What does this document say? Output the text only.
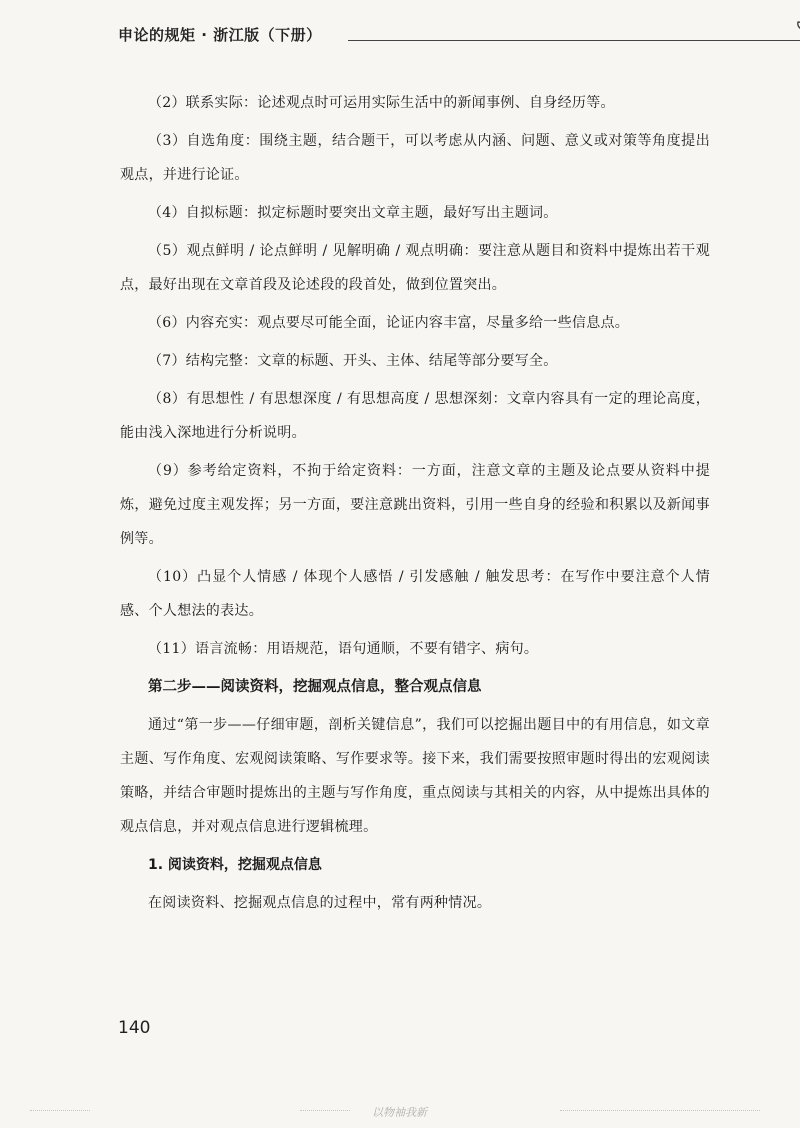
申论的规矩 · 浙江版（下册）

（2）联系实际：论述观点时可运用实际生活中的新闻事例、自身经历等。

（3）自选角度：围绕主题，结合题干，可以考虑从内涵、问题、意义或对策等角度提出观点，并进行论证。

（4）自拟标题：拟定标题时要突出文章主题，最好写出主题词。

（5）观点鲜明 / 论点鲜明 / 见解明确 / 观点明确：要注意从题目和资料中提炼出若干观点，最好出现在文章首段及论述段的段首处，做到位置突出。

（6）内容充实：观点要尽可能全面，论证内容丰富，尽量多给一些信息点。

（7）结构完整：文章的标题、开头、主体、结尾等部分要写全。

（8）有思想性 / 有思想深度 / 有思想高度 / 思想深刻：文章内容具有一定的理论高度，能由浅入深地进行分析说明。

（9）参考给定资料，不拘于给定资料：一方面，注意文章的主题及论点要从资料中提炼，避免过度主观发挥；另一方面，要注意跳出资料，引用一些自身的经验和积累以及新闻事例等。

（10）凸显个人情感 / 体现个人感悟 / 引发感触 / 触发思考：在写作中要注意个人情感、个人想法的表达。

（11）语言流畅：用语规范，语句通顺，不要有错字、病句。

第二步——阅读资料，挖掘观点信息，整合观点信息

通过“第一步——仔细审题，剖析关键信息”，我们可以挖掘出题目中的有用信息，如文章主题、写作角度、宏观阅读策略、写作要求等。接下来，我们需要按照审题时得出的宏观阅读策略，并结合审题时提炼出的主题与写作角度，重点阅读与其相关的内容，从中提炼出具体的观点信息，并对观点信息进行逻辑梳理。

1. 阅读资料，挖掘观点信息

在阅读资料、挖掘观点信息的过程中，常有两种情况。

140
以物袖我新
